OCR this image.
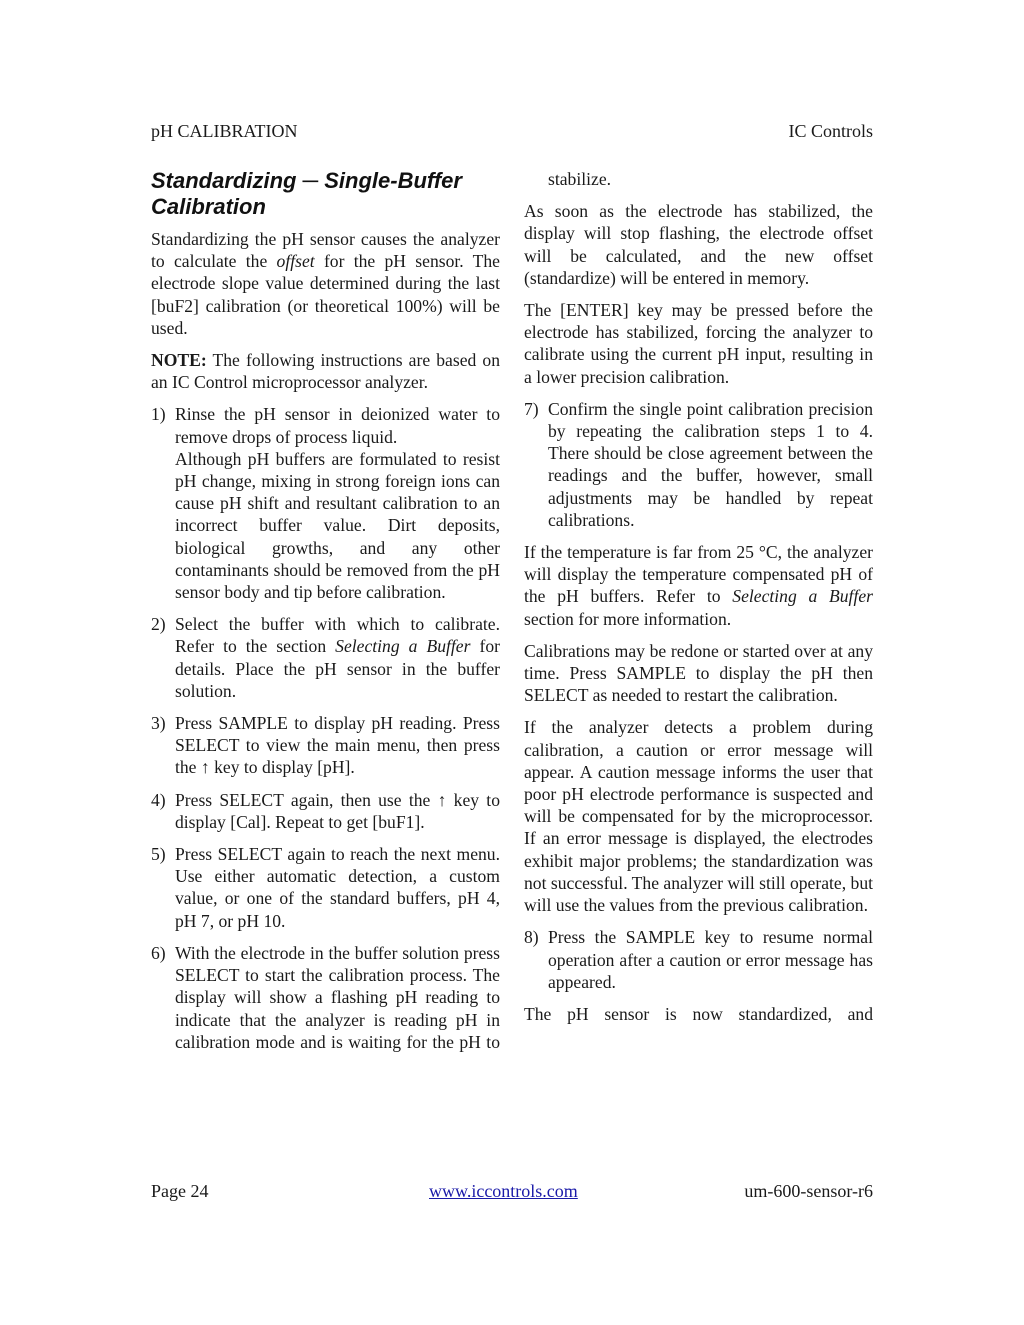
pH CALIBRATION	IC Controls
Standardizing ─ Single-Buffer Calibration

Standardizing the pH sensor causes the analyzer to calculate the offset for the pH sensor. The electrode slope value determined during the last [buF2] calibration (or theoretical 100%) will be used.

NOTE: The following instructions are based on an IC Control microprocessor analyzer.

1) Rinse the pH sensor in deionized water to remove drops of process liquid.

Although pH buffers are formulated to resist pH change, mixing in strong foreign ions can cause pH shift and resultant calibration to an incorrect buffer value. Dirt deposits, biological growths, and any other contaminants should be removed from the pH sensor body and tip before calibration.

2) Select the buffer with which to calibrate. Refer to the section Selecting a Buffer for details. Place the pH sensor in the buffer solution.

3) Press SAMPLE to display pH reading. Press SELECT to view the main menu, then press the ↑ key to display [pH].

4) Press SELECT again, then use the ↑ key to display [Cal]. Repeat to get [buF1].

5) Press SELECT again to reach the next menu. Use either automatic detection, a custom value, or one of the standard buffers, pH 4, pH 7, or pH 10.

6) With the electrode in the buffer solution press SELECT to start the calibration process. The display will show a flashing pH reading to indicate that the analyzer is reading pH in calibration mode and is waiting for the pH to

stabilize.

As soon as the electrode has stabilized, the display will stop flashing, the electrode offset will be calculated, and the new offset (standardize) will be entered in memory.

The [ENTER] key may be pressed before the electrode has stabilized, forcing the analyzer to calibrate using the current pH input, resulting in a lower precision calibration.

7) Confirm the single point calibration precision by repeating the calibration steps 1 to 4. There should be close agreement between the readings and the buffer, however, small adjustments may be handled by repeat calibrations.

If the temperature is far from 25 °C, the analyzer will display the temperature compensated pH of the pH buffers. Refer to Selecting a Buffer section for more information.

Calibrations may be redone or started over at any time. Press SAMPLE to display the pH then SELECT as needed to restart the calibration.

If the analyzer detects a problem during calibration, a caution or error message will appear. A caution message informs the user that poor pH electrode performance is suspected and will be compensated for by the microprocessor. If an error message is displayed, the electrodes exhibit major problems; the standardization was not successful. The analyzer will still operate, but will use the values from the previous calibration.

8) Press the SAMPLE key to resume normal operation after a caution or error message has appeared.

The pH sensor is now standardized, and

Page 24	www.iccontrols.com	um-600-sensor-r6
